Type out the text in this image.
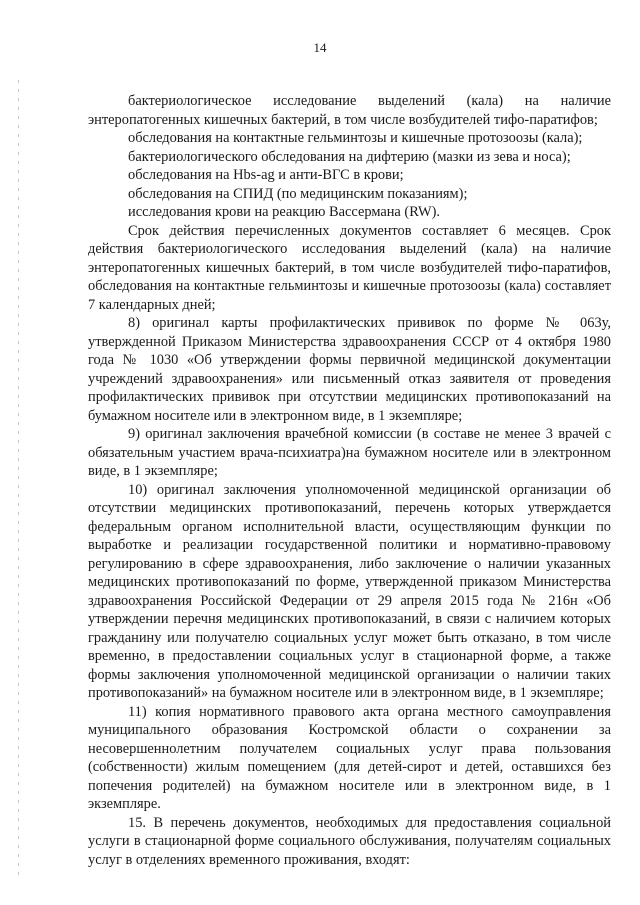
14

бактериологическое исследование выделений (кала) на наличие энтеропатогенных кишечных бактерий, в том числе возбудителей тифо-паратифов;

обследования на контактные гельминтозы и кишечные протозоозы (кала);

бактериологического обследования на дифтерию (мазки из зева и носа);

обследования на Hbs-ag и анти-ВГС в крови;

обследования на СПИД (по медицинским показаниям);

исследования крови на реакцию Вассермана (RW).

Срок действия перечисленных документов составляет 6 месяцев. Срок действия бактериологического исследования выделений (кала) на наличие энтеропатогенных кишечных бактерий, в том числе возбудителей тифо-паратифов, обследования на контактные гельминтозы и кишечные протозоозы (кала) составляет 7 календарных дней;

8) оригинал карты профилактических прививок по форме № 063у, утвержденной Приказом Министерства здравоохранения СССР от 4 октября 1980 года № 1030 «Об утверждении формы первичной медицинской документации учреждений здравоохранения» или письменный отказ заявителя от проведения профилактических прививок при отсутствии медицинских противопоказаний на бумажном носителе или в электронном виде, в 1 экземпляре;

9) оригинал заключения врачебной комиссии (в составе не менее 3 врачей с обязательным участием врача-психиатра)на бумажном носителе или в электронном виде, в 1 экземпляре;

10) оригинал заключения уполномоченной медицинской организации об отсутствии медицинских противопоказаний, перечень которых утверждается федеральным органом исполнительной власти, осуществляющим функции по выработке и реализации государственной политики и нормативно-правовому регулированию в сфере здравоохранения, либо заключение о наличии указанных медицинских противопоказаний по форме, утвержденной приказом Министерства здравоохранения Российской Федерации от 29 апреля 2015 года № 216н «Об утверждении перечня медицинских противопоказаний, в связи с наличием которых гражданину или получателю социальных услуг может быть отказано, в том числе временно, в предоставлении социальных услуг в стационарной форме, а также формы заключения уполномоченной медицинской организации о наличии таких противопоказаний» на бумажном носителе или в электронном виде, в 1 экземпляре;

11) копия нормативного правового акта органа местного самоуправления муниципального образования Костромской области о сохранении за несовершеннолетним получателем социальных услуг права пользования (собственности) жилым помещением (для детей-сирот и детей, оставшихся без попечения родителей) на бумажном носителе или в электронном виде, в 1 экземпляре.

15. В перечень документов, необходимых для предоставления социальной услуги в стационарной форме социального обслуживания, получателям социальных услуг в отделениях временного проживания, входят:
